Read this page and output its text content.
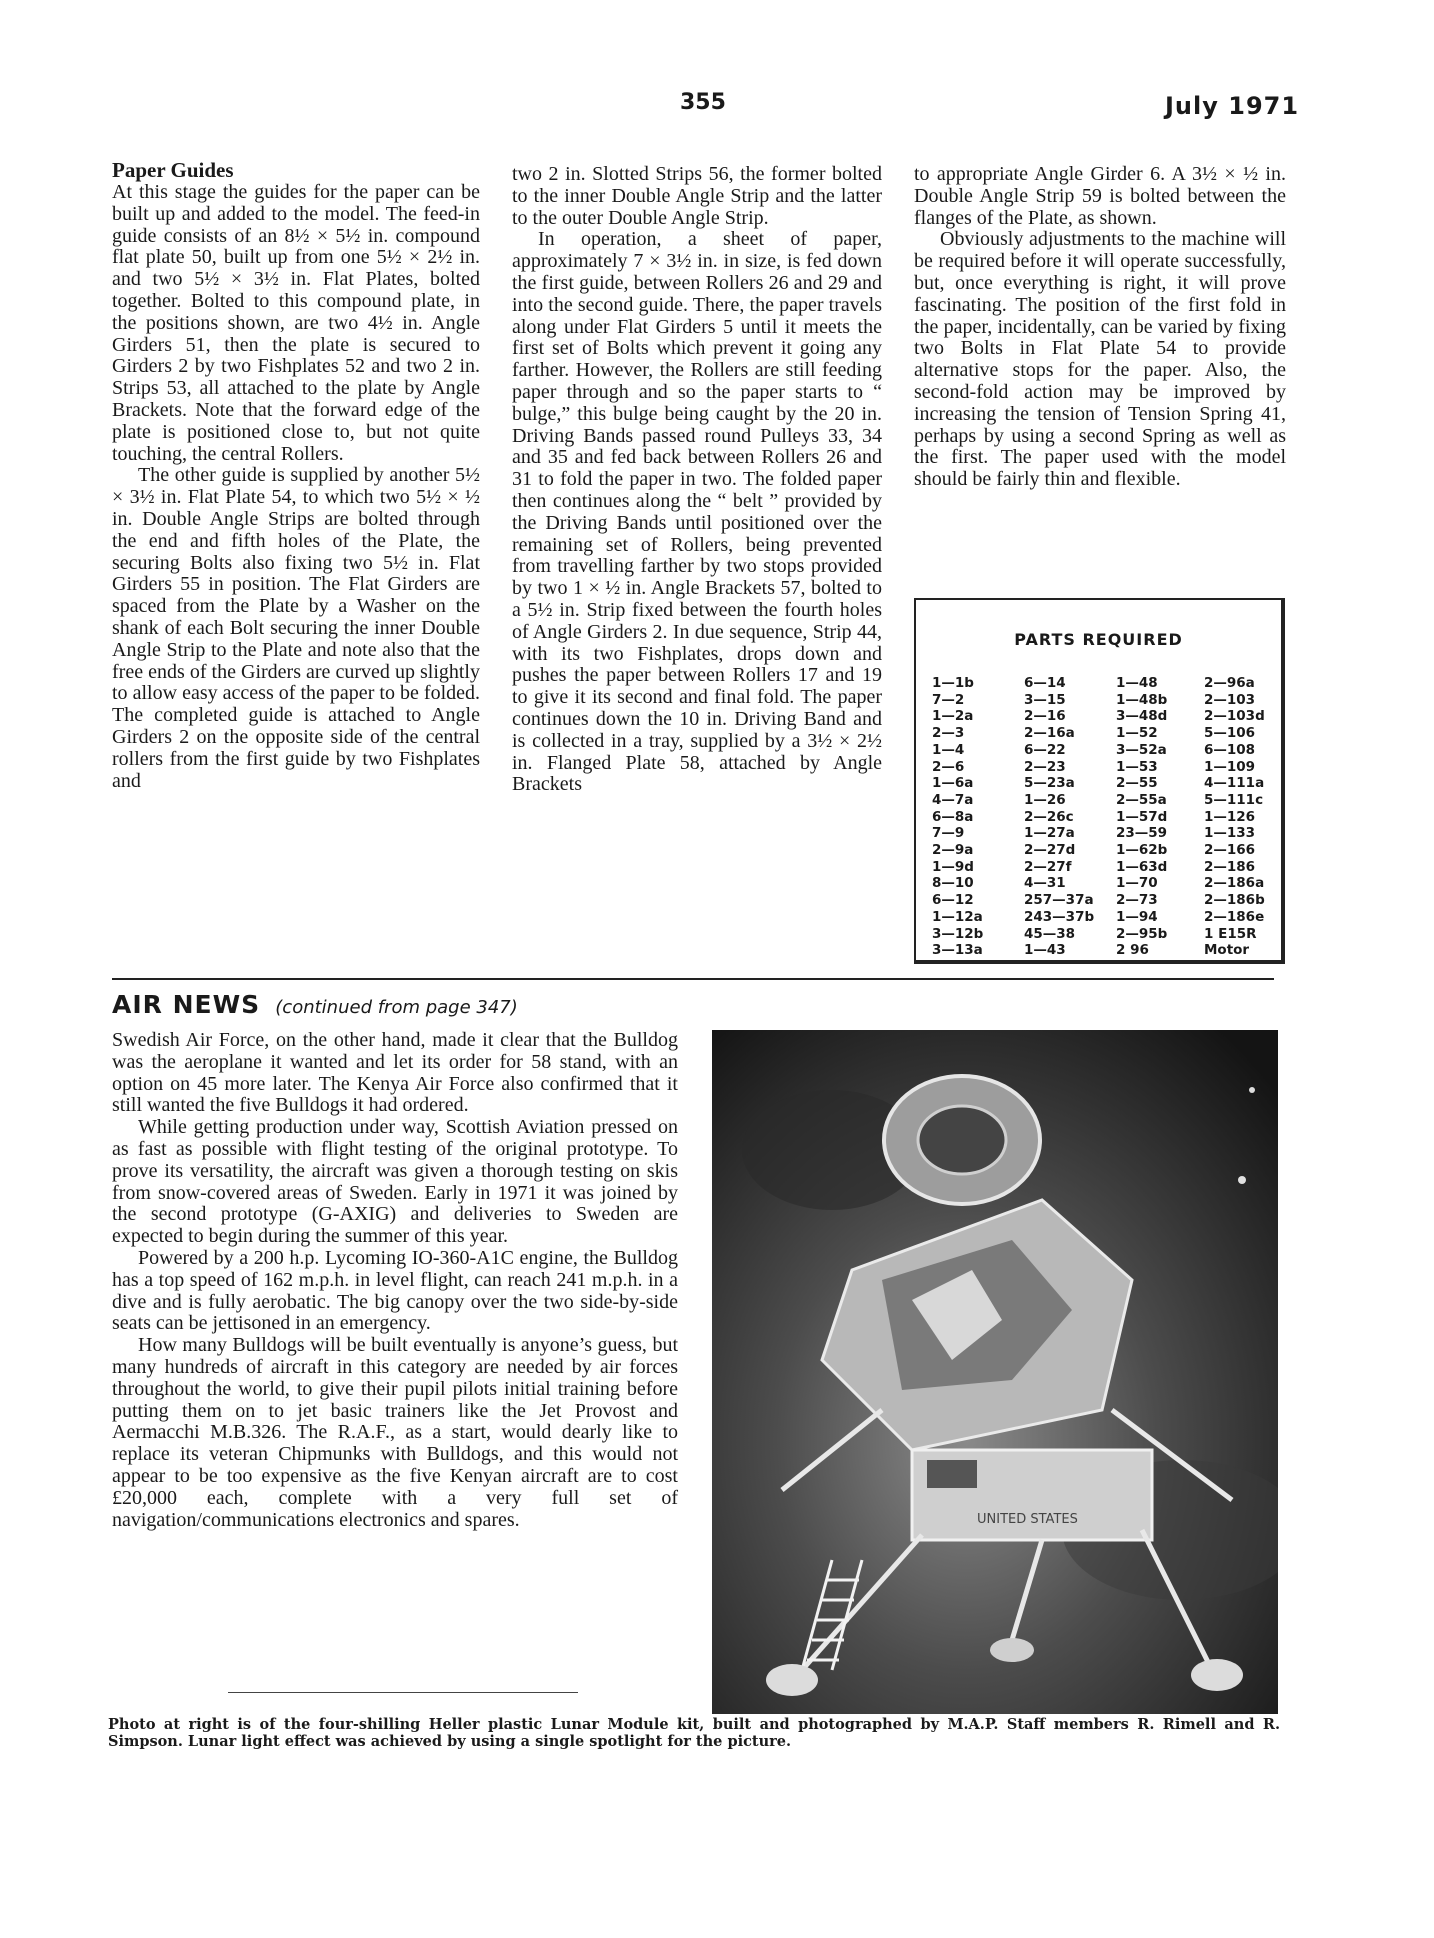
355	July 1971
Paper Guides

At this stage the guides for the paper can be built up and added to the model. The feed-in guide consists of an 8½ × 5½ in. compound flat plate 50, built up from one 5½ × 2½ in. and two 5½ × 3½ in. Flat Plates, bolted together. Bolted to this compound plate, in the positions shown, are two 4½ in. Angle Girders 51, then the plate is secured to Girders 2 by two Fishplates 52 and two 2 in. Strips 53, all attached to the plate by Angle Brackets. Note that the forward edge of the plate is positioned close to, but not quite touching, the central Rollers.

The other guide is supplied by another 5½ × 3½ in. Flat Plate 54, to which two 5½ × ½ in. Double Angle Strips are bolted through the end and fifth holes of the Plate, the securing Bolts also fixing two 5½ in. Flat Girders 55 in position. The Flat Girders are spaced from the Plate by a Washer on the shank of each Bolt securing the inner Double Angle Strip to the Plate and note also that the free ends of the Girders are curved up slightly to allow easy access of the paper to be folded. The completed guide is attached to Angle Girders 2 on the opposite side of the central rollers from the first guide by two Fishplates and

two 2 in. Slotted Strips 56, the former bolted to the inner Double Angle Strip and the latter to the outer Double Angle Strip.

In operation, a sheet of paper, approximately 7 × 3½ in. in size, is fed down the first guide, between Rollers 26 and 29 and into the second guide. There, the paper travels along under Flat Girders 5 until it meets the first set of Bolts which prevent it going any farther. However, the Rollers are still feeding paper through and so the paper starts to “ bulge,” this bulge being caught by the 20 in. Driving Bands passed round Pulleys 33, 34 and 35 and fed back between Rollers 26 and 31 to fold the paper in two. The folded paper then continues along the “ belt ” provided by the Driving Bands until positioned over the remaining set of Rollers, being prevented from travelling farther by two stops provided by two 1 × ½ in. Angle Brackets 57, bolted to a 5½ in. Strip fixed between the fourth holes of Angle Girders 2. In due sequence, Strip 44, with its two Fishplates, drops down and pushes the paper between Rollers 17 and 19 to give it its second and final fold. The paper continues down the 10 in. Driving Band and is collected in a tray, supplied by a 3½ × 2½ in. Flanged Plate 58, attached by Angle Brackets

to appropriate Angle Girder 6. A 3½ × ½ in. Double Angle Strip 59 is bolted between the flanges of the Plate, as shown.

Obviously adjustments to the machine will be required before it will operate successfully, but, once everything is right, it will prove fascinating. The position of the first fold in the paper, incidentally, can be varied by fixing two Bolts in Flat Plate 54 to provide alternative stops for the paper. Also, the second-fold action may be improved by increasing the tension of Tension Spring 41, perhaps by using a second Spring as well as the first. The paper used with the model should be fairly thin and flexible.

PARTS REQUIRED
1—1b	6—14	1—48	2—96a
7—2	3—15	1—48b	2—103
1—2a	2—16	3—48d	2—103d
2—3	2—16a	1—52	5—106
1—4	6—22	3—52a	6—108
2—6	2—23	1—53	1—109
1—6a	5—23a	2—55	4—111a
4—7a	1—26	2—55a	5—111c
6—8a	2—26c	1—57d	1—126
7—9	1—27a	23—59	1—133
2—9a	2—27d	1—62b	2—166
1—9d	2—27f	1—63d	2—186
8—10	4—31	1—70	2—186a
6—12	257—37a	2—73	2—186b
1—12a	243—37b	1—94	2—186e
3—12b	45—38	2—95b	1 E15R
3—13a	1—43	2 96	Motor
AIR NEWS (continued from page 347)

Swedish Air Force, on the other hand, made it clear that the Bulldog was the aeroplane it wanted and let its order for 58 stand, with an option on 45 more later. The Kenya Air Force also confirmed that it still wanted the five Bulldogs it had ordered.

While getting production under way, Scottish Aviation pressed on as fast as possible with flight testing of the original prototype. To prove its versatility, the aircraft was given a thorough testing on skis from snow-covered areas of Sweden. Early in 1971 it was joined by the second prototype (G-AXIG) and deliveries to Sweden are expected to begin during the summer of this year.

Powered by a 200 h.p. Lycoming IO-360-A1C engine, the Bulldog has a top speed of 162 m.p.h. in level flight, can reach 241 m.p.h. in a dive and is fully aerobatic. The big canopy over the two side-by-side seats can be jettisoned in an emergency.

How many Bulldogs will be built eventually is anyone’s guess, but many hundreds of aircraft in this category are needed by air forces throughout the world, to give their pupil pilots initial training before putting them on to jet basic trainers like the Jet Provost and Aermacchi M.B.326. The R.A.F., as a start, would dearly like to replace its veteran Chipmunks with Bulldogs, and this would not appear to be too expensive as the five Kenyan aircraft are to cost £20,000 each, complete with a very full set of navigation/communications electronics and spares.	UNITED STATES
Photo at right is of the four-shilling Heller plastic Lunar Module kit, built and photographed by M.A.P. Staff members R. Rimell and R. Simpson. Lunar light effect was achieved by using a single spotlight for the picture.
